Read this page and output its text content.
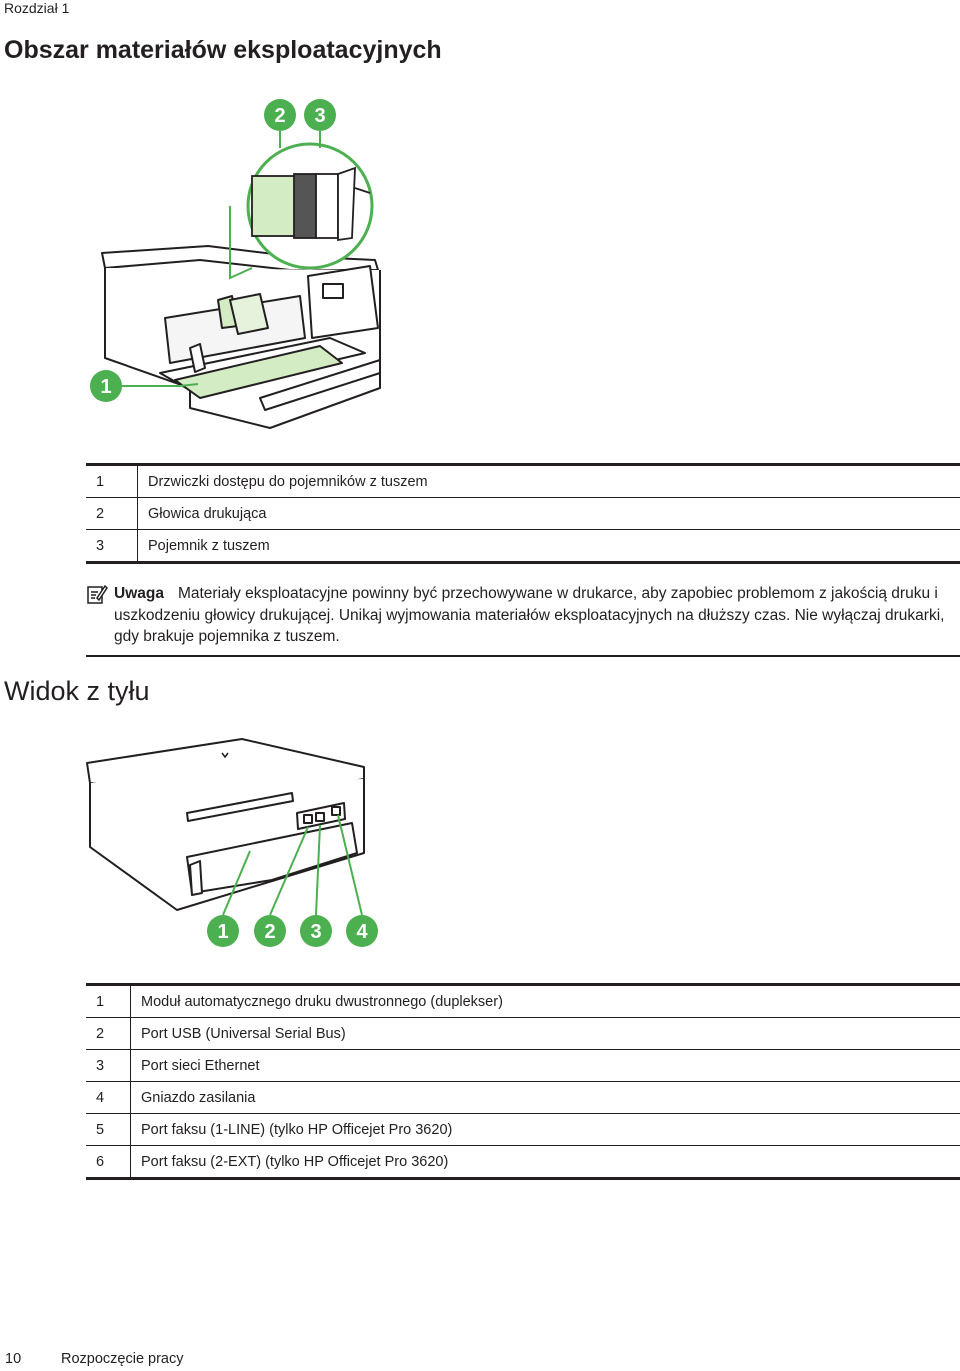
Rozdział 1
Obszar materiałów eksploatacyjnych
1
2 3
1	Drzwiczki dostępu do pojemników z tuszem
2	Głowica drukująca
3	Pojemnik z tuszem
Uwaga Materiały eksploatacyjne powinny być przechowywane w drukarce, aby zapobiec problemom z jakością druku i uszkodzeniu głowicy drukującej. Unikaj wyjmowania materiałów eksploatacyjnych na dłuższy czas. Nie wyłączaj drukarki, gdy brakuje pojemnika z tuszem.
Widok z tyłu
1 2 3 4
1	Moduł automatycznego druku dwustronnego (duplekser)
2	Port USB (Universal Serial Bus)
3	Port sieci Ethernet
4	Gniazdo zasilania
5	Port faksu (1-LINE) (tylko HP Officejet Pro 3620)
6	Port faksu (2-EXT) (tylko HP Officejet Pro 3620)
10	Rozpoczęcie pracy
